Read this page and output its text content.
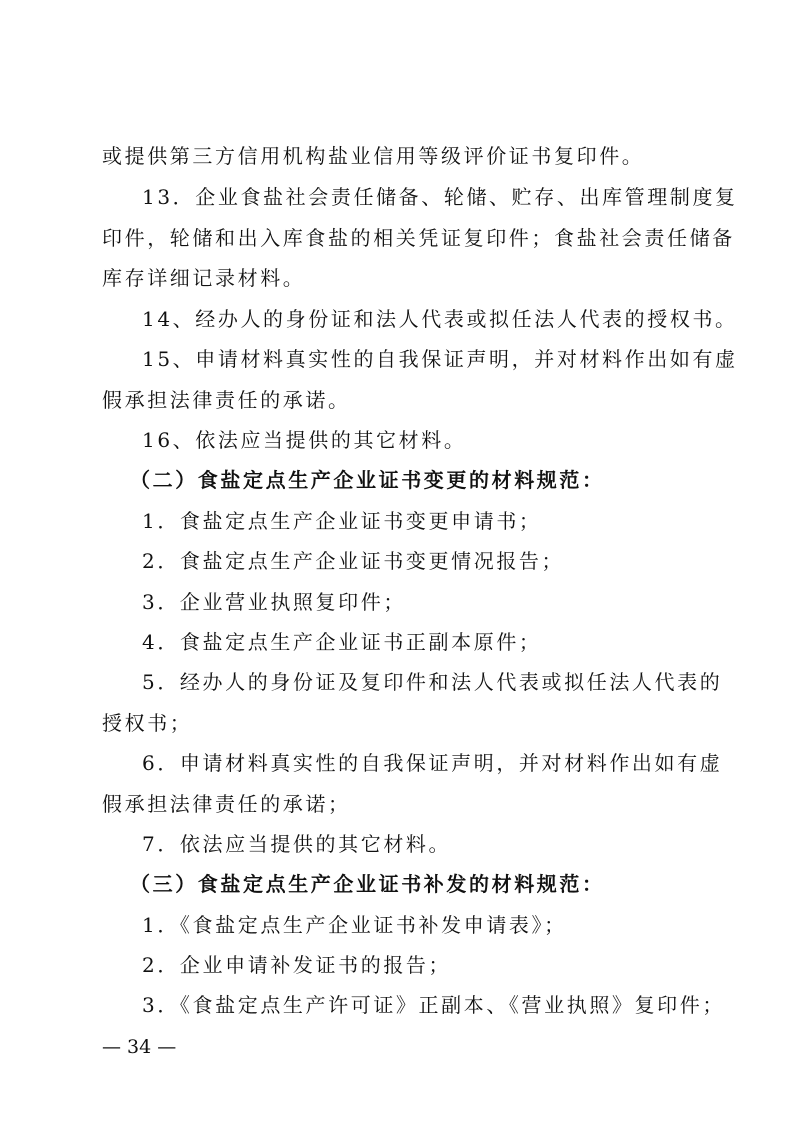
或提供第三方信用机构盐业信用等级评价证书复印件。
13．企业食盐社会责任储备、轮储、贮存、出库管理制度复
印件，轮储和出入库食盐的相关凭证复印件；食盐社会责任储备
库存详细记录材料。
14、经办人的身份证和法人代表或拟任法人代表的授权书。
15、申请材料真实性的自我保证声明，并对材料作出如有虚
假承担法律责任的承诺。
16、依法应当提供的其它材料。
（二）食盐定点生产企业证书变更的材料规范：
1．食盐定点生产企业证书变更申请书；
2．食盐定点生产企业证书变更情况报告；
3．企业营业执照复印件；
4．食盐定点生产企业证书正副本原件；
5．经办人的身份证及复印件和法人代表或拟任法人代表的
授权书；
6．申请材料真实性的自我保证声明，并对材料作出如有虚
假承担法律责任的承诺；
7．依法应当提供的其它材料。
（三）食盐定点生产企业证书补发的材料规范：
1．《食盐定点生产企业证书补发申请表》；
2．企业申请补发证书的报告；
3．《食盐定点生产许可证》正副本、《营业执照》复印件；
— 34 —
